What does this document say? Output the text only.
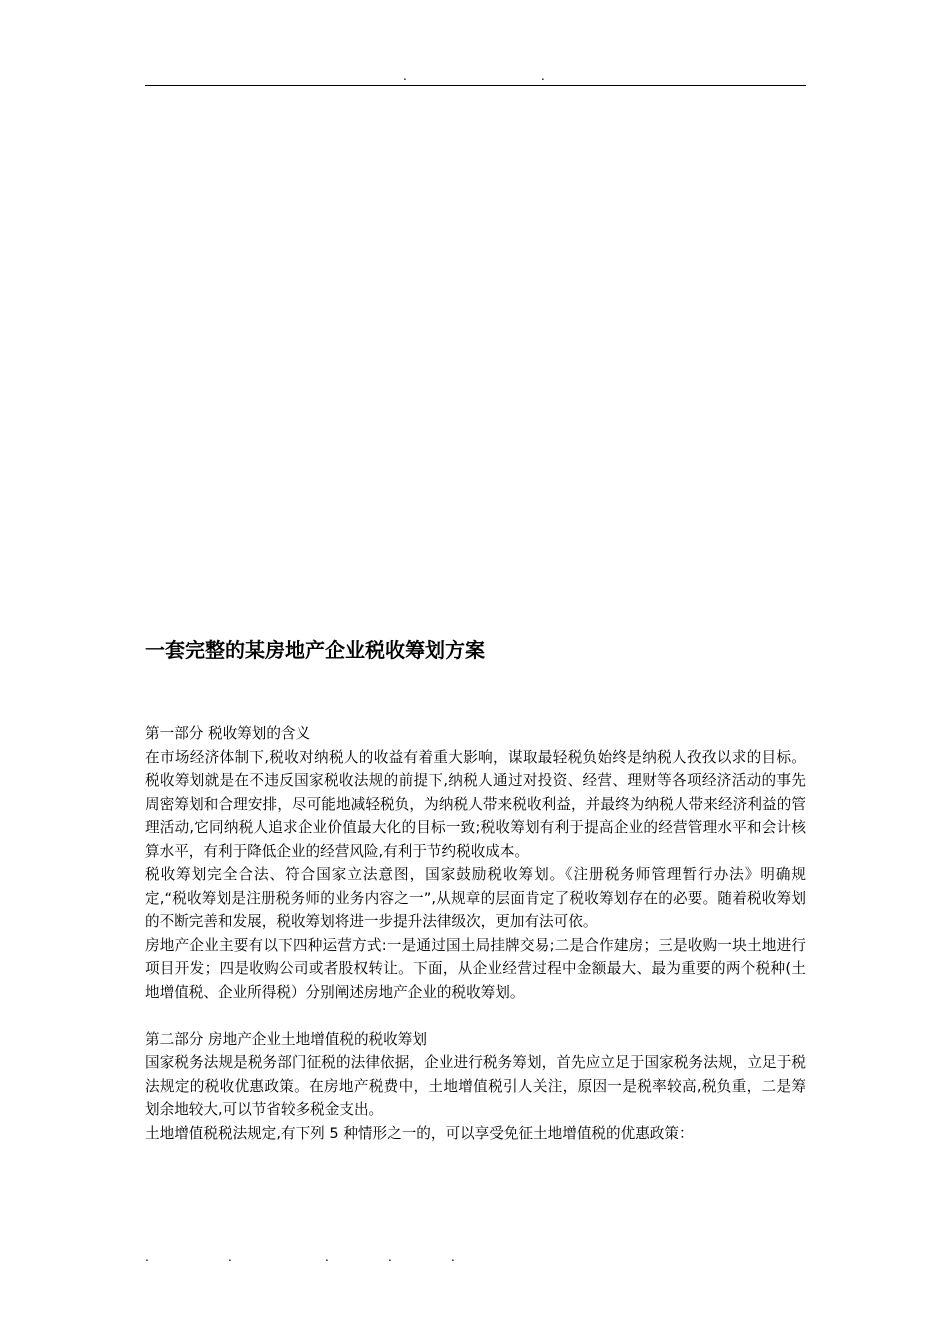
.	.
一套完整的某房地产企业税收筹划方案

第一部分 税收筹划的含义

在市场经济体制下,税收对纳税人的收益有着重大影响，谋取最轻税负始终是纳税人孜孜以求的目标。税收筹划就是在不违反国家税收法规的前提下,纳税人通过对投资、经营、理财等各项经济活动的事先周密筹划和合理安排，尽可能地减轻税负，为纳税人带来税收利益，并最终为纳税人带来经济利益的管理活动,它同纳税人追求企业价值最大化的目标一致;税收筹划有利于提高企业的经营管理水平和会计核算水平，有利于降低企业的经营风险,有利于节约税收成本。

税收筹划完全合法、符合国家立法意图，国家鼓励税收筹划。《注册税务师管理暂行办法》明确规定,“税收筹划是注册税务师的业务内容之一”,从规章的层面肯定了税收筹划存在的必要。随着税收筹划的不断完善和发展，税收筹划将进一步提升法律级次，更加有法可依。

房地产企业主要有以下四种运营方式:一是通过国土局挂牌交易;二是合作建房；三是收购一块土地进行项目开发；四是收购公司或者股权转让。下面，从企业经营过程中金额最大、最为重要的两个税种(土地增值税、企业所得税）分别阐述房地产企业的税收筹划。

第二部分 房地产企业土地增值税的税收筹划

国家税务法规是税务部门征税的法律依据，企业进行税务筹划，首先应立足于国家税务法规，立足于税法规定的税收优惠政策。在房地产税费中，土地增值税引人关注，原因一是税率较高,税负重，二是筹划余地较大,可以节省较多税金支出。

土地增值税税法规定,有下列 5 种情形之一的，可以享受免征土地增值税的优惠政策：

.	.	.	.	.
